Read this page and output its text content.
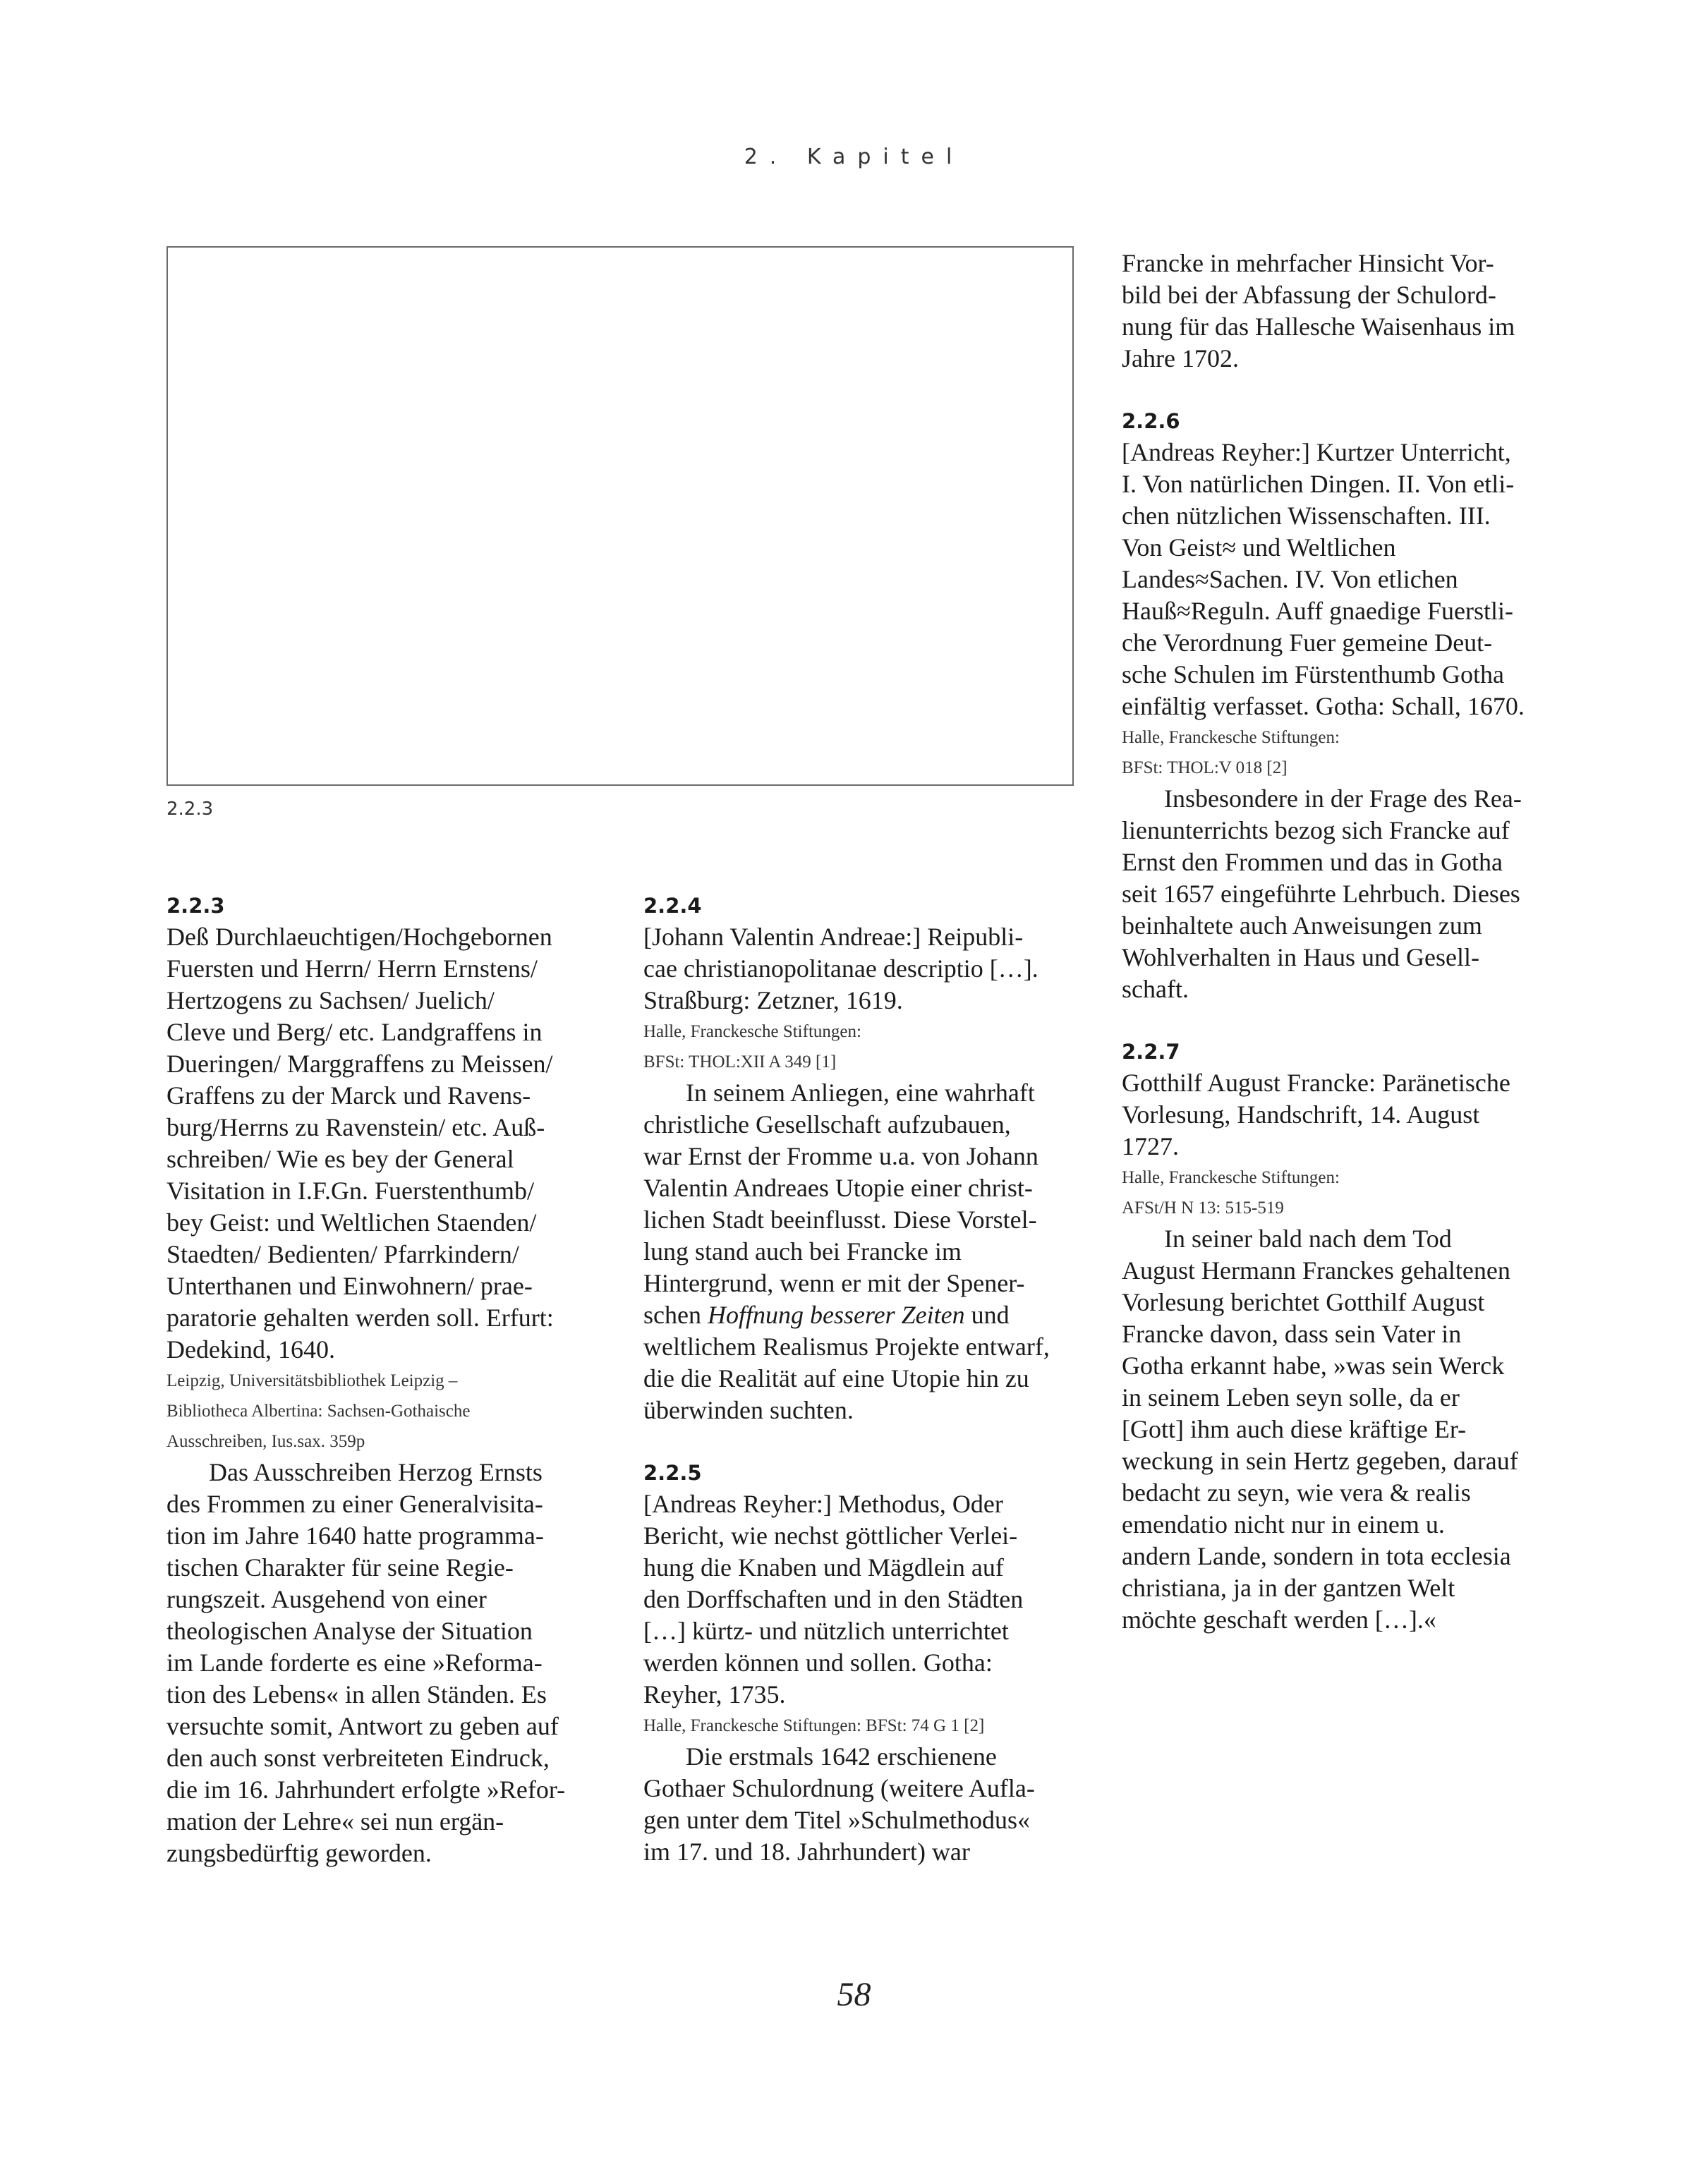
2. Kapitel
2.2.3
2.2.3
Deß Durchlaeuchtigen/Hochgebornen
Fuersten und Herrn/ Herrn Ernstens/
Hertzogens zu Sachsen/ Juelich/
Cleve und Berg/ etc. Landgraffens in
Dueringen/ Marggraffens zu Meissen/
Graffens zu der Marck und Ravens-
burg/Herrns zu Ravenstein/ etc. Auß-
schreiben/ Wie es bey der General
Visitation in I.F.Gn. Fuerstenthumb/
bey Geist: und Weltlichen Staenden/
Staedten/ Bedienten/ Pfarrkindern/
Unterthanen und Einwohnern/ prae-
paratorie gehalten werden soll. Erfurt:
Dedekind, 1640.
Leipzig, Universitätsbibliothek Leipzig –
Bibliotheca Albertina: Sachsen-Gothaische
Ausschreiben, Ius.sax. 359p
Das Ausschreiben Herzog Ernsts
des Frommen zu einer Generalvisita-
tion im Jahre 1640 hatte programma-
tischen Charakter für seine Regie-
rungszeit. Ausgehend von einer
theologischen Analyse der Situation
im Lande forderte es eine »Reforma-
tion des Lebens« in allen Ständen. Es
versuchte somit, Antwort zu geben auf
den auch sonst verbreiteten Eindruck,
die im 16. Jahrhundert erfolgte »Refor-
mation der Lehre« sei nun ergän-
zungsbedürftig geworden.
2.2.4
[Johann Valentin Andreae:] Reipubli-
cae christianopolitanae descriptio […].
Straßburg: Zetzner, 1619.
Halle, Franckesche Stiftungen:
BFSt: THOL:XII A 349 [1]
In seinem Anliegen, eine wahrhaft
christliche Gesellschaft aufzubauen,
war Ernst der Fromme u.a. von Johann
Valentin Andreaes Utopie einer christ-
lichen Stadt beeinflusst. Diese Vorstel-
lung stand auch bei Francke im
Hintergrund, wenn er mit der Spener-
schen Hoffnung besserer Zeiten und
weltlichem Realismus Projekte entwarf,
die die Realität auf eine Utopie hin zu
überwinden suchten.
2.2.5
[Andreas Reyher:] Methodus, Oder
Bericht, wie nechst göttlicher Verlei-
hung die Knaben und Mägdlein auf
den Dorffschaften und in den Städten
[…] kürtz- und nützlich unterrichtet
werden können und sollen. Gotha:
Reyher, 1735.
Halle, Franckesche Stiftungen: BFSt: 74 G 1 [2]
Die erstmals 1642 erschienene
Gothaer Schulordnung (weitere Aufla-
gen unter dem Titel »Schulmethodus«
im 17. und 18. Jahrhundert) war
Francke in mehrfacher Hinsicht Vor-
bild bei der Abfassung der Schulord-
nung für das Hallesche Waisenhaus im
Jahre 1702.
2.2.6
[Andreas Reyher:] Kurtzer Unterricht,
I. Von natürlichen Dingen. II. Von etli-
chen nützlichen Wissenschaften. III.
Von Geist≈ und Weltlichen
Landes≈Sachen. IV. Von etlichen
Hauß≈Reguln. Auff gnaedige Fuerstli-
che Verordnung Fuer gemeine Deut-
sche Schulen im Fürstenthumb Gotha
einfältig verfasset. Gotha: Schall, 1670.
Halle, Franckesche Stiftungen:
BFSt: THOL:V 018 [2]
Insbesondere in der Frage des Rea-
lienunterrichts bezog sich Francke auf
Ernst den Frommen und das in Gotha
seit 1657 eingeführte Lehrbuch. Dieses
beinhaltete auch Anweisungen zum
Wohlverhalten in Haus und Gesell-
schaft.
2.2.7
Gotthilf August Francke: Paränetische
Vorlesung, Handschrift, 14. August
1727.
Halle, Franckesche Stiftungen:
AFSt/H N 13: 515-519
In seiner bald nach dem Tod
August Hermann Franckes gehaltenen
Vorlesung berichtet Gotthilf August
Francke davon, dass sein Vater in
Gotha erkannt habe, »was sein Werck
in seinem Leben seyn solle, da er
[Gott] ihm auch diese kräftige Er-
weckung in sein Hertz gegeben, darauf
bedacht zu seyn, wie vera & realis
emendatio nicht nur in einem u.
andern Lande, sondern in tota ecclesia
christiana, ja in der gantzen Welt
möchte geschaft werden […].«
58
